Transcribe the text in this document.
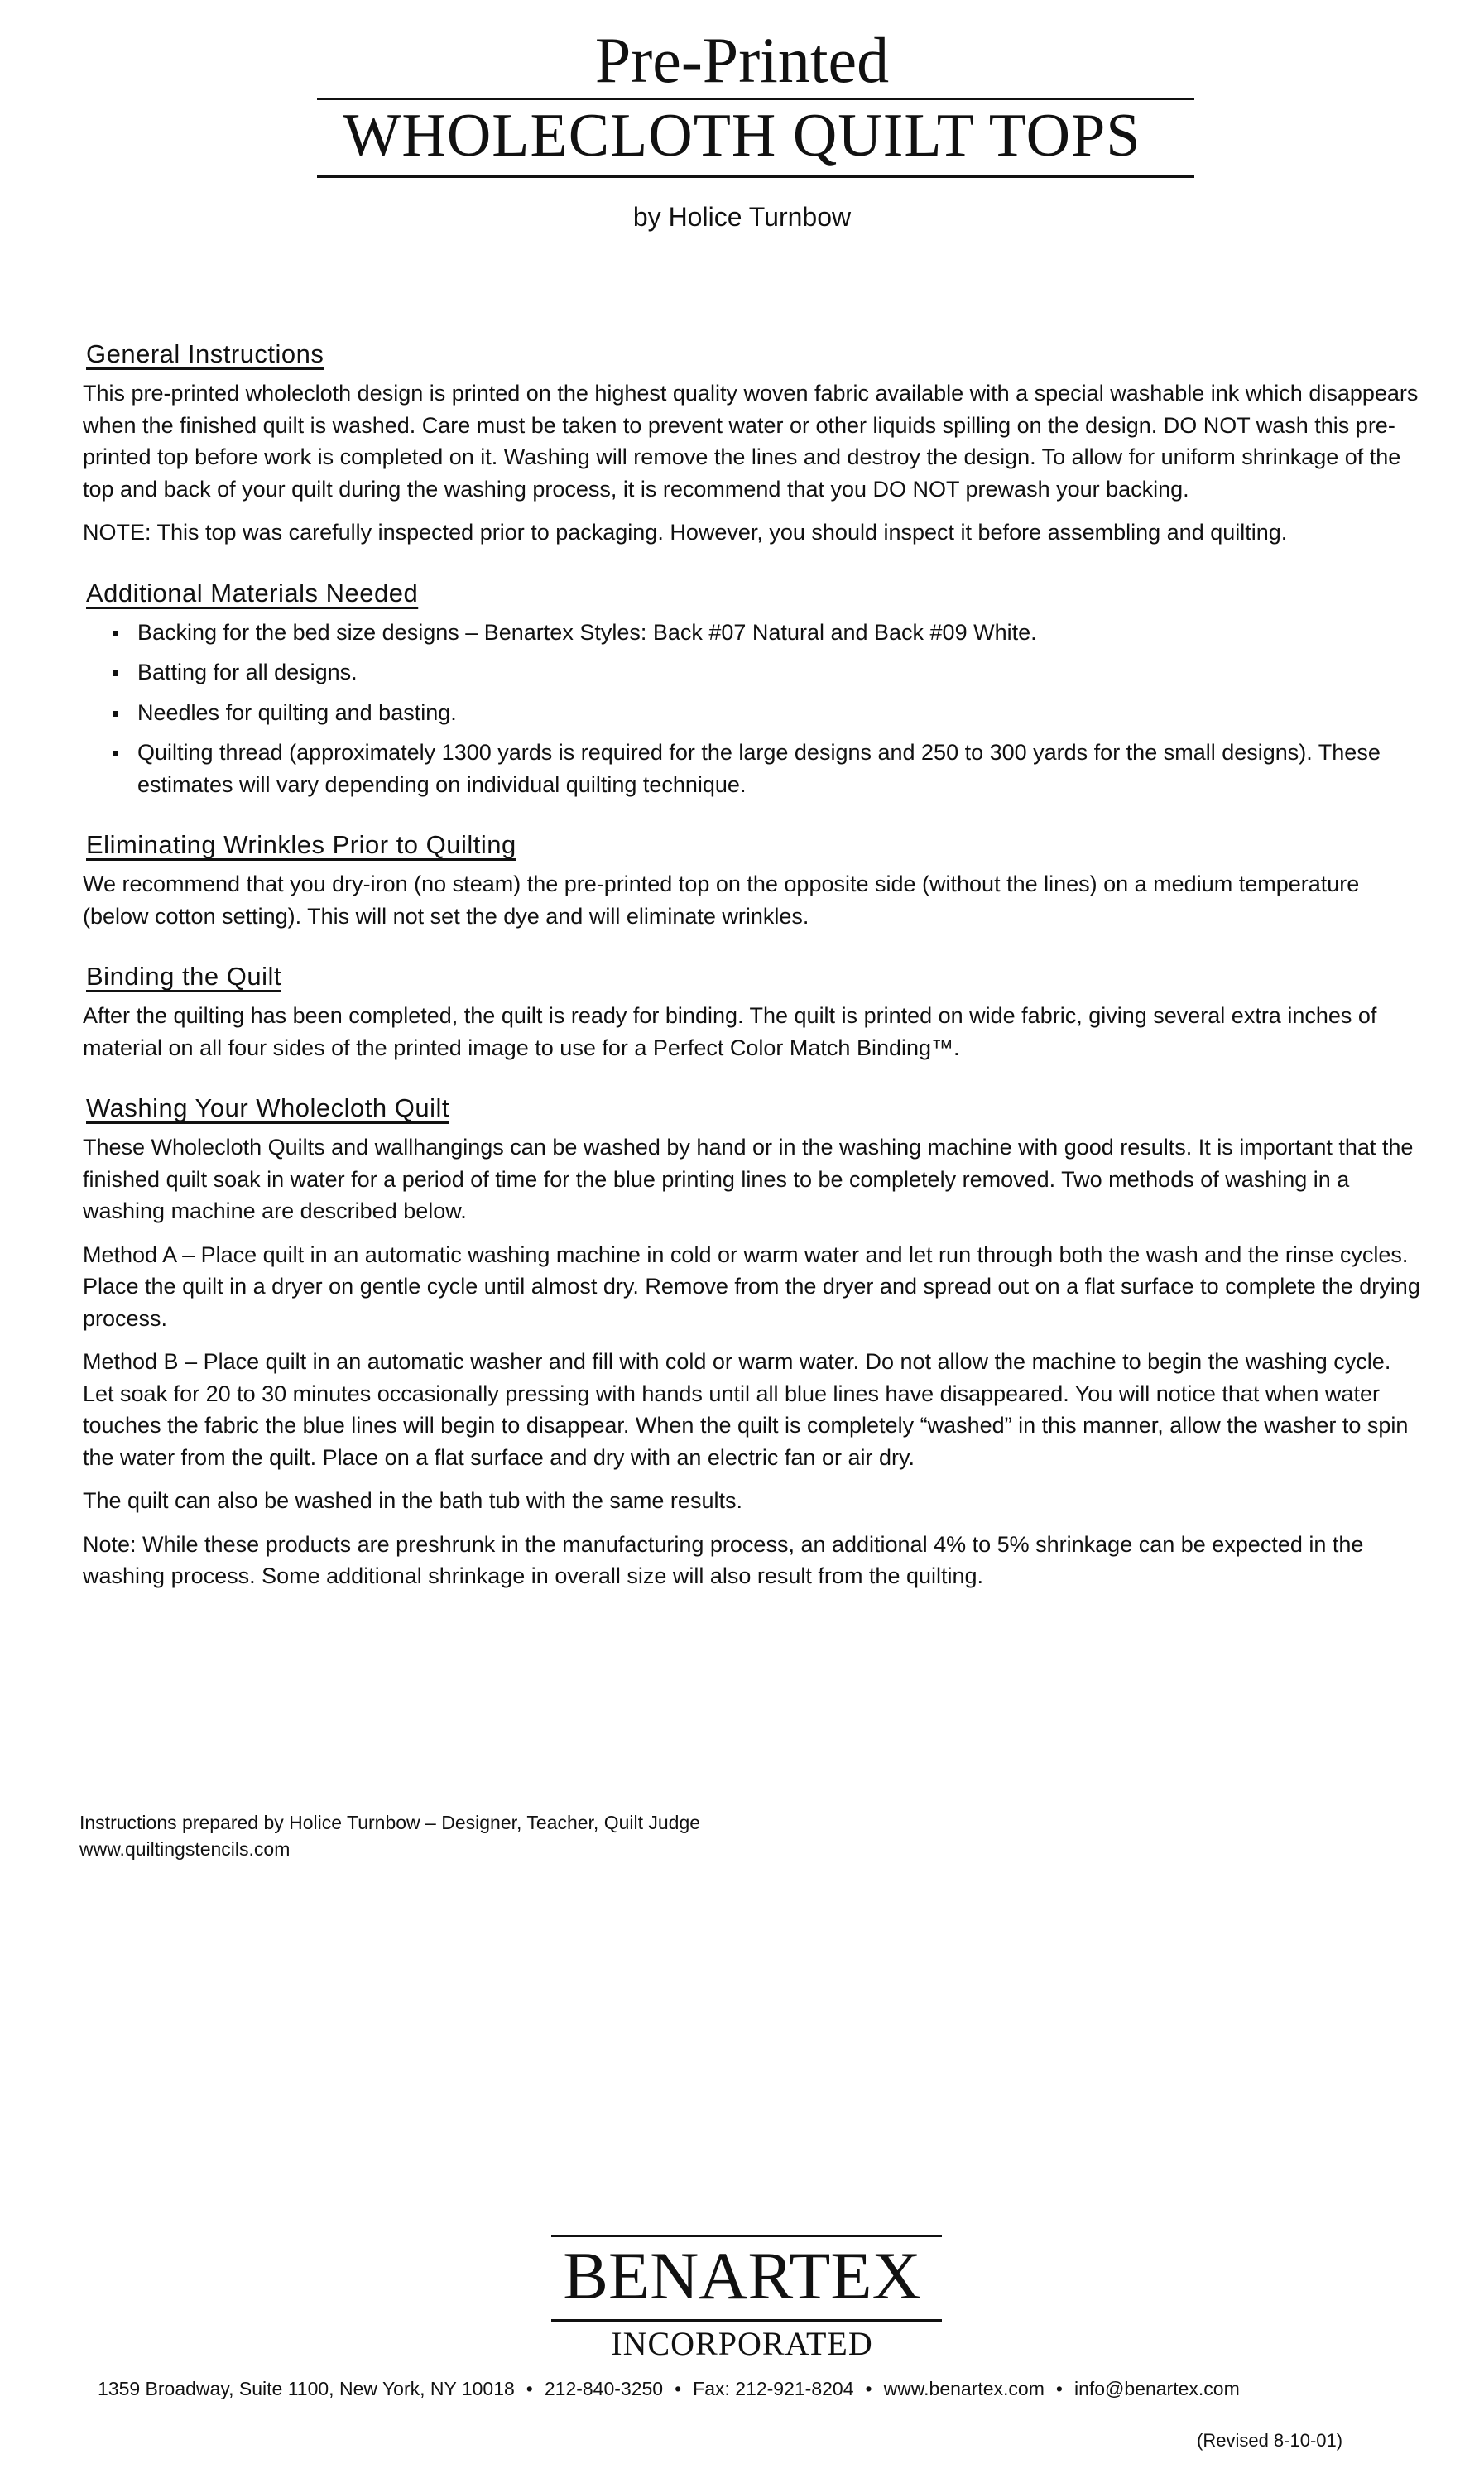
Pre-Printed
WHOLECLOTH QUILT TOPS
by Holice Turnbow
General Instructions

This pre-printed wholecloth design is printed on the highest quality woven fabric available with a special washable ink which disappears when the finished quilt is washed. Care must be taken to prevent water or other liquids spilling on the design. DO NOT wash this pre-printed top before work is completed on it. Washing will remove the lines and destroy the design. To allow for uniform shrinkage of the top and back of your quilt during the washing process, it is recommend that you DO NOT prewash your backing.

NOTE: This top was carefully inspected prior to packaging. However, you should inspect it before assembling and quilting.

Additional Materials Needed
Backing for the bed size designs – Benartex Styles: Back #07 Natural and Back #09 White.
Batting for all designs.
Needles for quilting and basting.
Quilting thread (approximately 1300 yards is required for the large designs and 250 to 300 yards for the small designs). These estimates will vary depending on individual quilting technique.
Eliminating Wrinkles Prior to Quilting

We recommend that you dry-iron (no steam) the pre-printed top on the opposite side (without the lines) on a medium temperature (below cotton setting). This will not set the dye and will eliminate wrinkles.

Binding the Quilt

After the quilting has been completed, the quilt is ready for binding. The quilt is printed on wide fabric, giving several extra inches of material on all four sides of the printed image to use for a Perfect Color Match Binding™.

Washing Your Wholecloth Quilt

These Wholecloth Quilts and wallhangings can be washed by hand or in the washing machine with good results. It is important that the finished quilt soak in water for a period of time for the blue printing lines to be completely removed. Two methods of washing in a washing machine are described below.

Method A – Place quilt in an automatic washing machine in cold or warm water and let run through both the wash and the rinse cycles. Place the quilt in a dryer on gentle cycle until almost dry. Remove from the dryer and spread out on a flat surface to complete the drying process.

Method B – Place quilt in an automatic washer and fill with cold or warm water. Do not allow the machine to begin the washing cycle. Let soak for 20 to 30 minutes occasionally pressing with hands until all blue lines have disappeared. You will notice that when water touches the fabric the blue lines will begin to disappear. When the quilt is completely “washed” in this manner, allow the washer to spin the water from the quilt. Place on a flat surface and dry with an electric fan or air dry.

The quilt can also be washed in the bath tub with the same results.

Note: While these products are preshrunk in the manufacturing process, an additional 4% to 5% shrinkage can be expected in the washing process. Some additional shrinkage in overall size will also result from the quilting.

Instructions prepared by Holice Turnbow – Designer, Teacher, Quilt Judge
www.quiltingstencils.com
BENARTEX
INCORPORATED
1359 Broadway, Suite 1100, New York, NY 10018 • 212-840-3250 • Fax: 212-921-8204 • www.benartex.com • info@benartex.com
(Revised 8-10-01)
